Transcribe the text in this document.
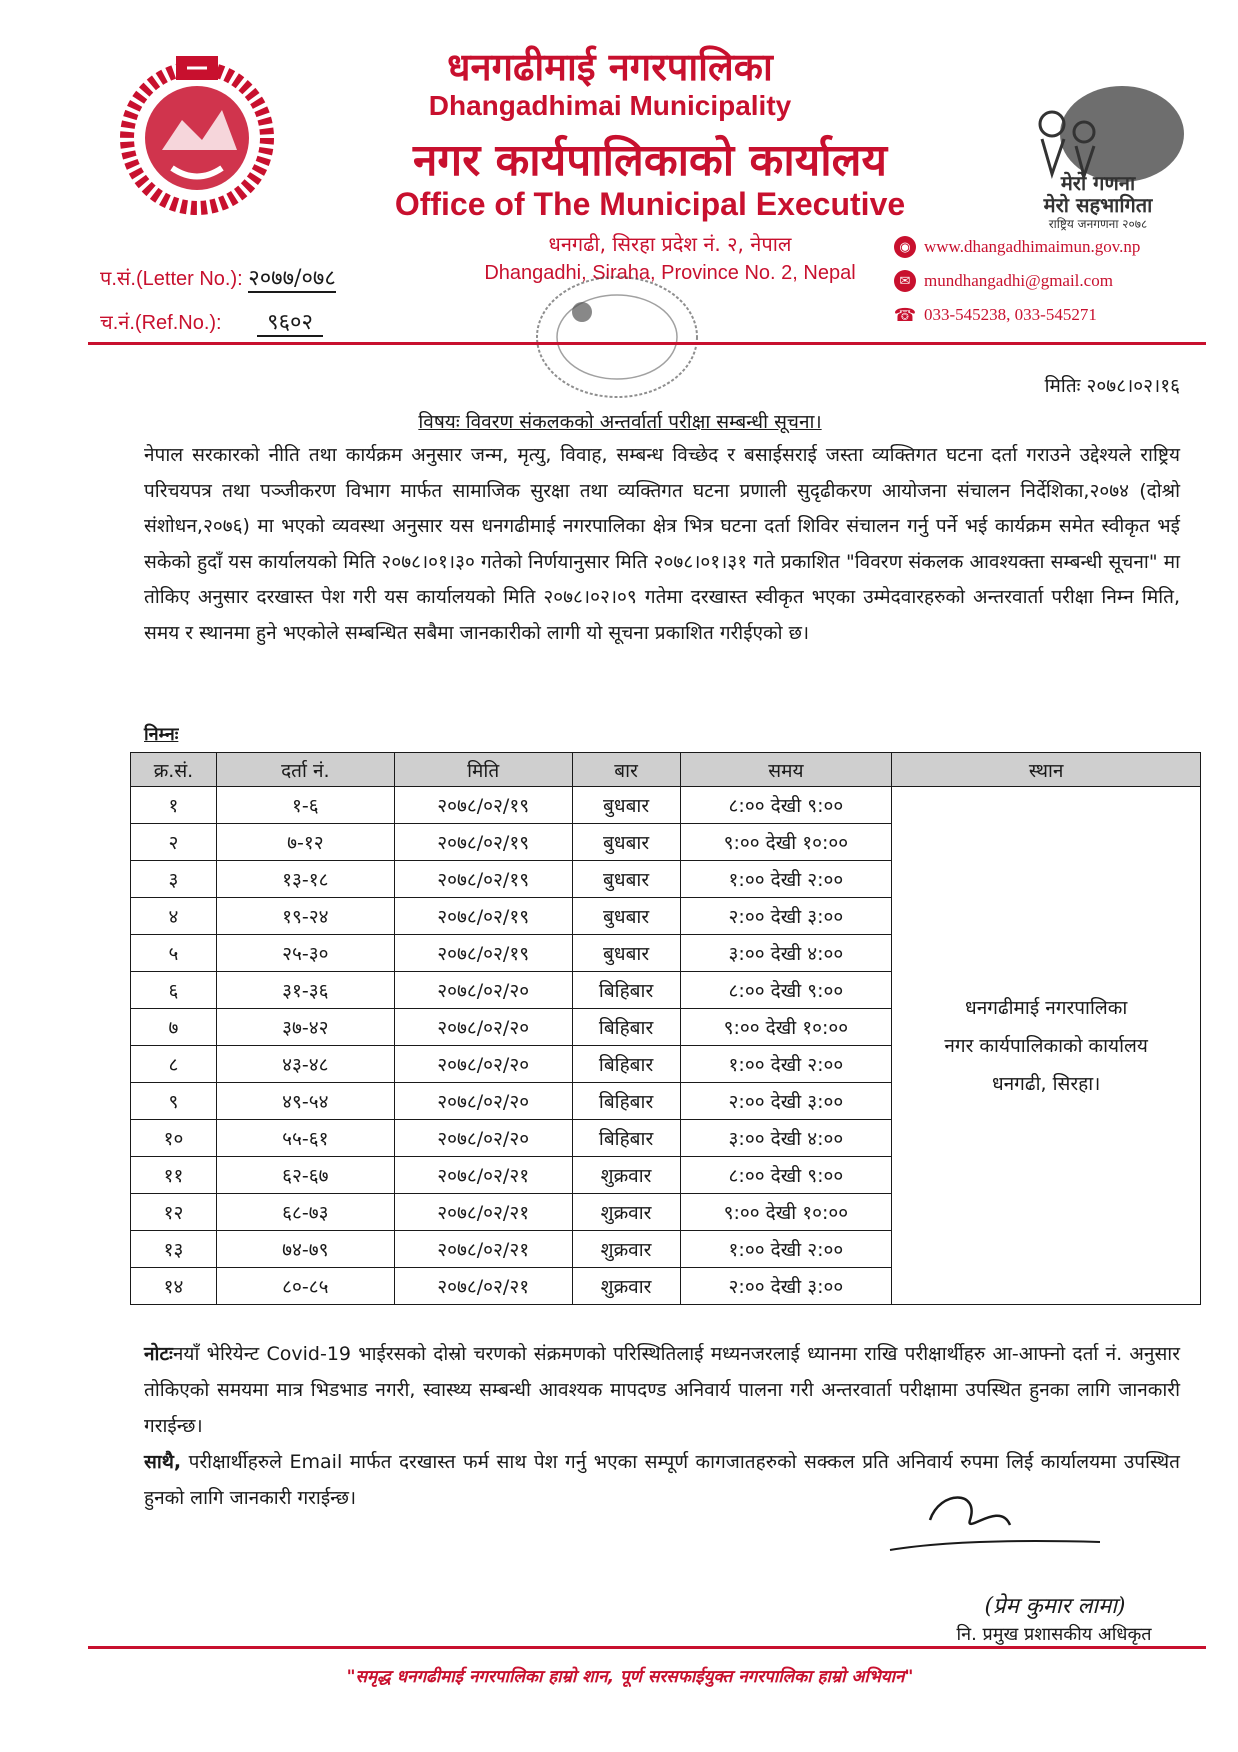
मेरो गणना
मेरो सहभागिता
राष्ट्रिय जनगणना २०७८
धनगढीमाई नगरपालिका
Dhangadhimai Municipality
नगर कार्यपालिकाको कार्यालय
Office of The Municipal Executive
धनगढी, सिरहा प्रदेश नं. २, नेपाल
Dhangadhi, Siraha, Province No. 2, Nepal
◉ www.dhangadhimaimun.gov.np
✉ mundhangadhi@gmail.com
☎ 033-545238, 033-545271
प.सं.(Letter No.): २०७७/०७८
च.नं.(Ref.No.): ९६०२
मितिः २०७८।०२।१६
विषयः विवरण संकलकको अन्तर्वार्ता परीक्षा सम्बन्धी सूचना।
नेपाल सरकारको नीति तथा कार्यक्रम अनुसार जन्म, मृत्यु, विवाह, सम्बन्ध विच्छेद र बसाईसराई जस्ता व्यक्तिगत घटना दर्ता गराउने उद्देश्यले राष्ट्रिय परिचयपत्र तथा पञ्जीकरण विभाग मार्फत सामाजिक सुरक्षा तथा व्यक्तिगत घटना प्रणाली सुदृढीकरण आयोजना संचालन निर्देशिका,२०७४ (दोश्रो संशोधन,२०७६) मा भएको व्यवस्था अनुसार यस धनगढीमाई नगरपालिका क्षेत्र भित्र घटना दर्ता शिविर संचालन गर्नु पर्ने भई कार्यक्रम समेत स्वीकृत भई सकेको हुदाँ यस कार्यालयको मिति २०७८।०१।३० गतेको निर्णयानुसार मिति २०७८।०१।३१ गते प्रकाशित "विवरण संकलक आवश्यक्ता सम्बन्धी सूचना" मा तोकिए अनुसार दरखास्त पेश गरी यस कार्यालयको मिति २०७८।०२।०९ गतेमा दरखास्त स्वीकृत भएका उम्मेदवारहरुको अन्तरवार्ता परीक्षा निम्न मिति, समय र स्थानमा हुने भएकोले सम्बन्धित सबैमा जानकारीको लागी यो सूचना प्रकाशित गरीईएको छ।
निम्नः
क्र.सं.	दर्ता नं.	मिति	बार	समय	स्थान
१	१-६	२०७८/०२/१९	बुधबार	८:०० देखी ९:००	धनगढीमाई नगरपालिका
नगर कार्यपालिकाको कार्यालय
धनगढी, सिरहा।

२	७-१२	२०७८/०२/१९	बुधबार	९:०० देखी १०:००	
३	१३-१८	२०७८/०२/१९	बुधबार	१:०० देखी २:००	
४	१९-२४	२०७८/०२/१९	बुधबार	२:०० देखी ३:००	
५	२५-३०	२०७८/०२/१९	बुधबार	३:०० देखी ४:००	
६	३१-३६	२०७८/०२/२०	बिहिबार	८:०० देखी ९:००	
७	३७-४२	२०७८/०२/२०	बिहिबार	९:०० देखी १०:००	
८	४३-४८	२०७८/०२/२०	बिहिबार	१:०० देखी २:००	
९	४९-५४	२०७८/०२/२०	बिहिबार	२:०० देखी ३:००	
१०	५५-६१	२०७८/०२/२०	बिहिबार	३:०० देखी ४:००	
११	६२-६७	२०७८/०२/२१	शुक्रवार	८:०० देखी ९:००	
१२	६८-७३	२०७८/०२/२१	शुक्रवार	९:०० देखी १०:००	
१३	७४-७९	२०७८/०२/२१	शुक्रवार	१:०० देखी २:००	
१४	८०-८५	२०७८/०२/२१	शुक्रवार	२:०० देखी ३:००	

नोटःनयाँ भेरियेन्ट Covid-19 भाईरसको दोस्रो चरणको संक्रमणको परिस्थितिलाई मध्यनजरलाई ध्यानमा राखि परीक्षार्थीहरु आ-आफ्नो दर्ता नं. अनुसार तोकिएको समयमा मात्र भिडभाड नगरी, स्वास्थ्य सम्बन्धी आवश्यक मापदण्ड अनिवार्य पालना गरी अन्तरवार्ता परीक्षामा उपस्थित हुनका लागि जानकारी गराईन्छ।

साथै, परीक्षार्थीहरुले Email मार्फत दरखास्त फर्म साथ पेश गर्नु भएका सम्पूर्ण कागजातहरुको सक्कल प्रति अनिवार्य रुपमा लिई कार्यालयमा उपस्थित हुनको लागि जानकारी गराईन्छ।

(प्रेम कुमार लामा)
नि. प्रमुख प्रशासकीय अधिकृत
"समृद्ध धनगढीमाई नगरपालिका हाम्रो शान, पूर्ण सरसफाईयुक्त नगरपालिका हाम्रो अभियान"
